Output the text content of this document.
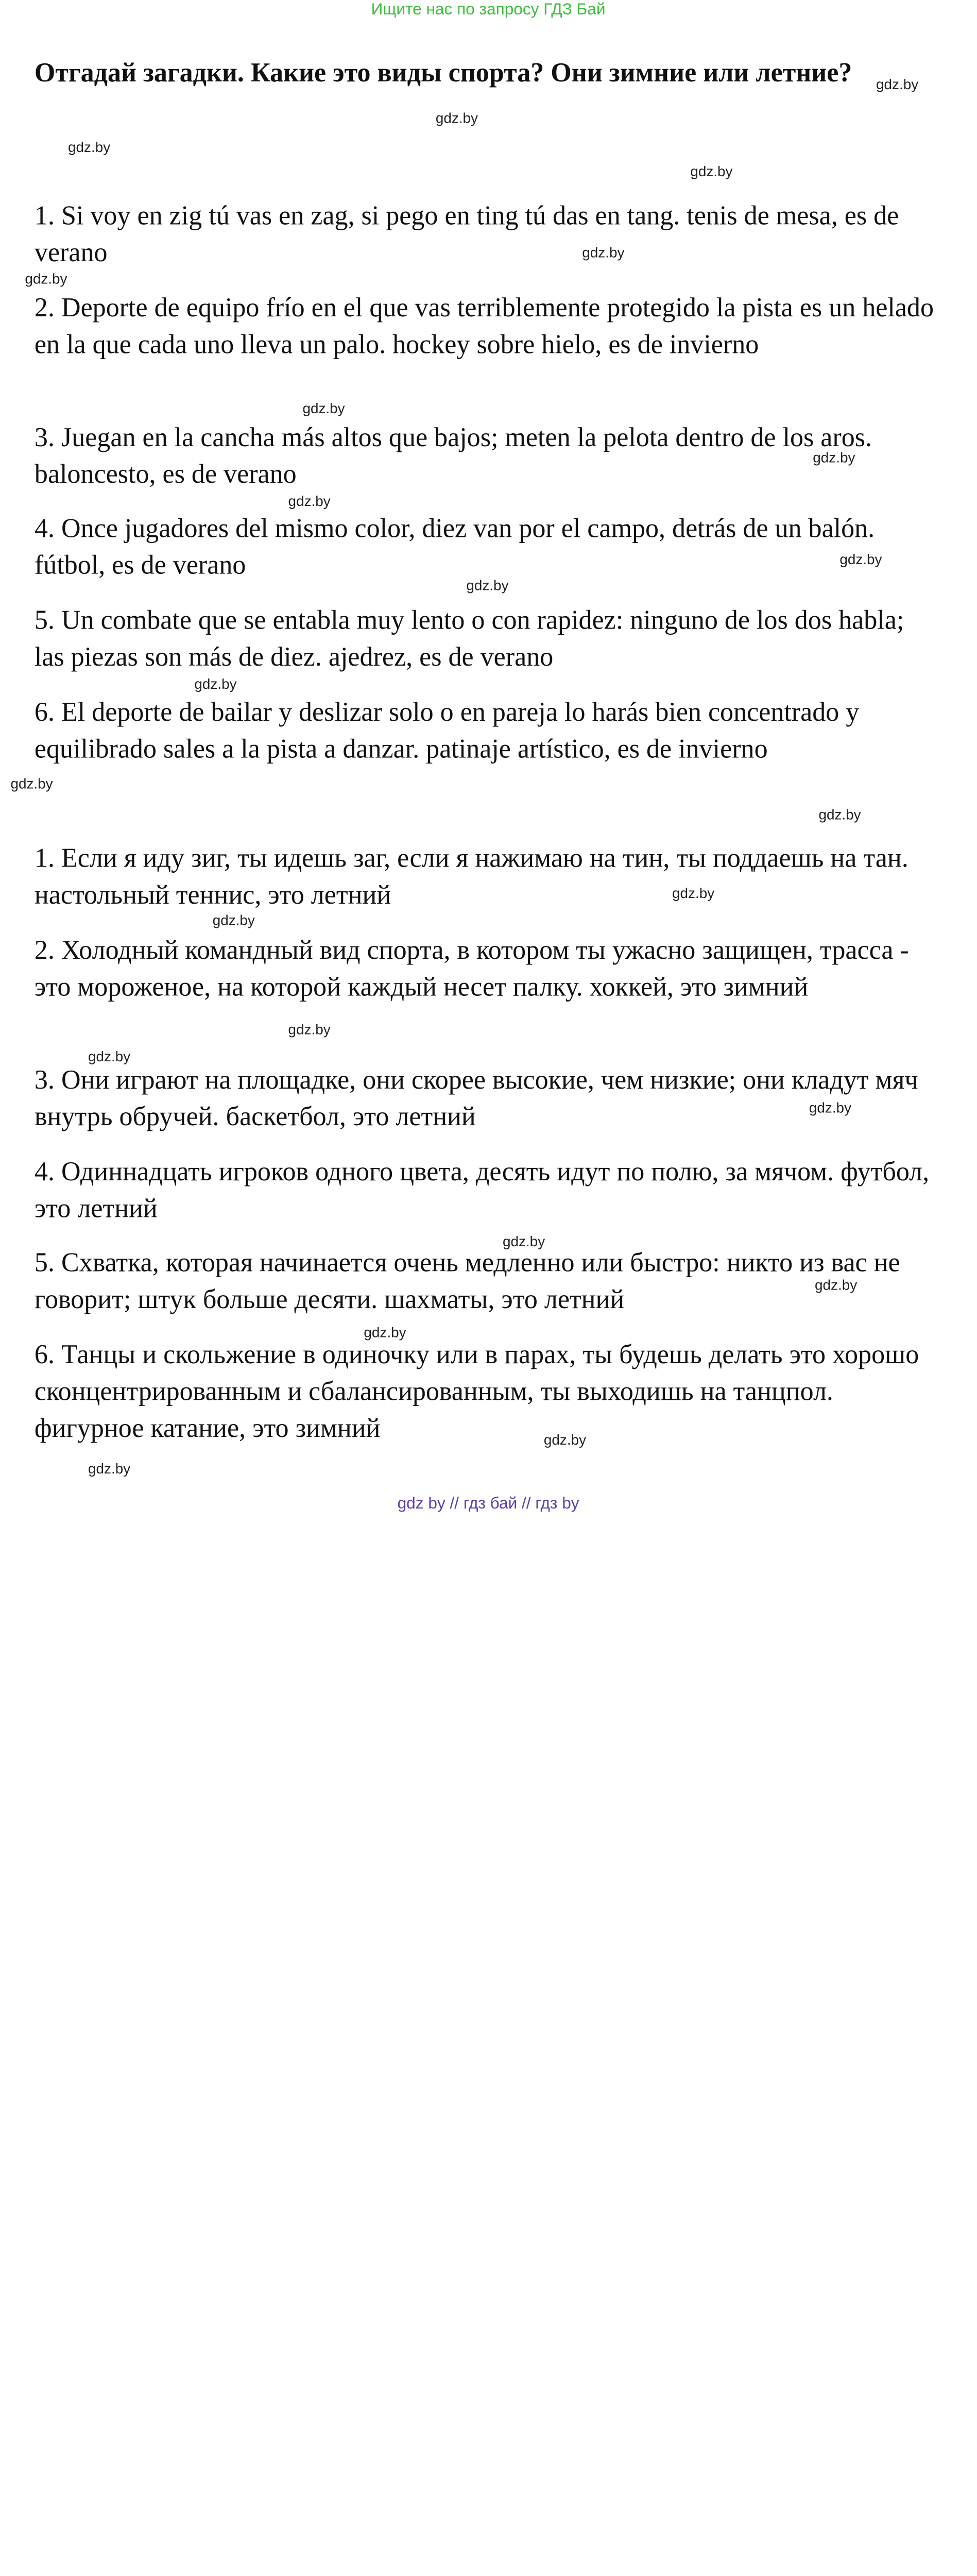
Ищите нас по запросу ГДЗ Бай
Отгадай загадки. Какие это виды спорта? Они зимние или летние?
1. Si voy en zig tú vas en zag, si pego en ting tú das en tang. tenis de mesa, es de verano
2. Deporte de equipo frío en el que vas terriblemente protegido la pista es un helado en la que cada uno lleva un palo. hockey sobre hielo, es de invierno
3. Juegan en la cancha más altos que bajos; meten la pelota dentro de los aros. baloncesto, es de verano
4. Once jugadores del mismo color, diez van por el campo, detrás de un balón. fútbol, es de verano
5. Un combate que se entabla muy lento o con rapidez: ninguno de los dos habla; las piezas son más de diez. ajedrez, es de verano
6. El deporte de bailar y deslizar solo o en pareja lo harás bien concentrado y equilibrado sales a la pista a danzar. patinaje artístico, es de invierno
1. Если я иду зиг, ты идешь заг, если я нажимаю на тин, ты поддаешь на тан. настольный теннис, это летний
2. Холодный командный вид спорта, в котором ты ужасно защищен, трасса - это мороженое, на которой каждый несет палку. хоккей, это зимний
3. Они играют на площадке, они скорее высокие, чем низкие; они кладут мяч внутрь обручей. баскетбол, это летний
4. Одиннадцать игроков одного цвета, десять идут по полю, за мячом. футбол, это летний
5. Схватка, которая начинается очень медленно или быстро: никто из вас не говорит; штук больше десяти. шахматы, это летний
6. Танцы и скольжение в одиночку или в парах, ты будешь делать это хорошо сконцентрированным и сбалансированным, ты выходишь на танцпол. фигурное катание, это зимний
gdz.by
gdz.by
gdz.by
gdz.by
gdz.by
gdz.by
gdz.by
gdz.by
gdz.by
gdz.by
gdz.by
gdz.by
gdz.by
gdz.by
gdz.by
gdz.by
gdz.by
gdz.by
gdz.by
gdz.by
gdz.by
gdz.by
gdz.by
gdz.by
gdz by // гдз бай // гдз by
